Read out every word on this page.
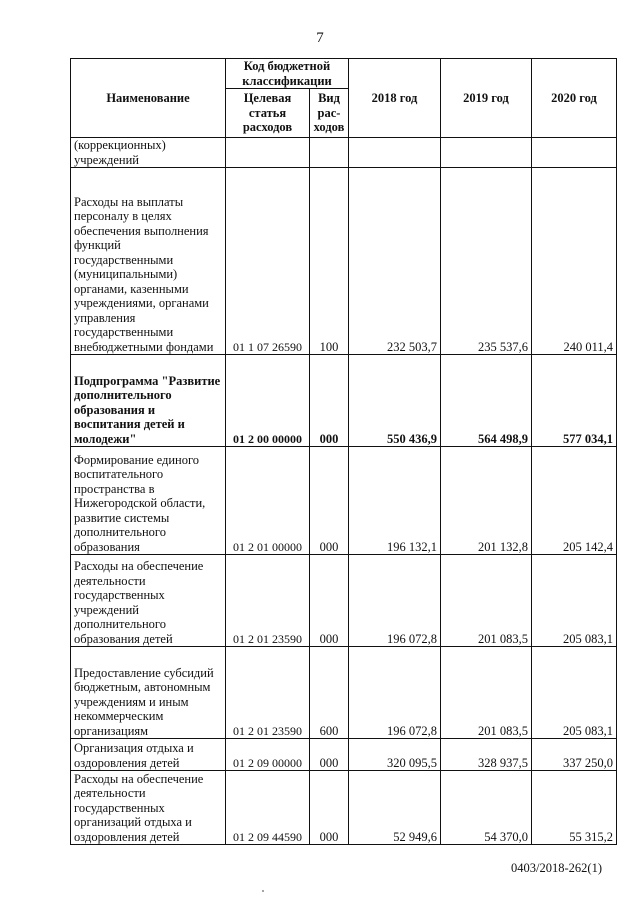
7
Наименование	Код бюджетной классификации		2018 год	2019 год	2020 год
	Целевая статья расходов	Вид рас-ходов			
(коррекционных) учреждений					
Расходы на выплаты персоналу в целях обеспечения выполнения функций государственными (муниципальными) органами, казенными учреждениями, органами управления государственными внебюджетными фондами	01 1 07 26590	100	232 503,7	235 537,6	240 011,4
Подпрограмма "Развитие дополнительного образования и воспитания детей и молодежи"	01 2 00 00000	000	550 436,9	564 498,9	577 034,1
Формирование единого воспитательного пространства в Нижегородской области, развитие системы дополнительного образования	01 2 01 00000	000	196 132,1	201 132,8	205 142,4
Расходы на обеспечение деятельности государственных учреждений дополнительного образования детей	01 2 01 23590	000	196 072,8	201 083,5	205 083,1
Предоставление субсидий бюджетным, автономным учреждениям и иным некоммерческим организациям	01 2 01 23590	600	196 072,8	201 083,5	205 083,1
Организация отдыха и оздоровления детей	01 2 09 00000	000	320 095,5	328 937,5	337 250,0
Расходы на обеспечение деятельности государственных организаций отдыха и оздоровления детей	01 2 09 44590	000	52 949,6	54 370,0	55 315,2
0403/2018-262(1)
